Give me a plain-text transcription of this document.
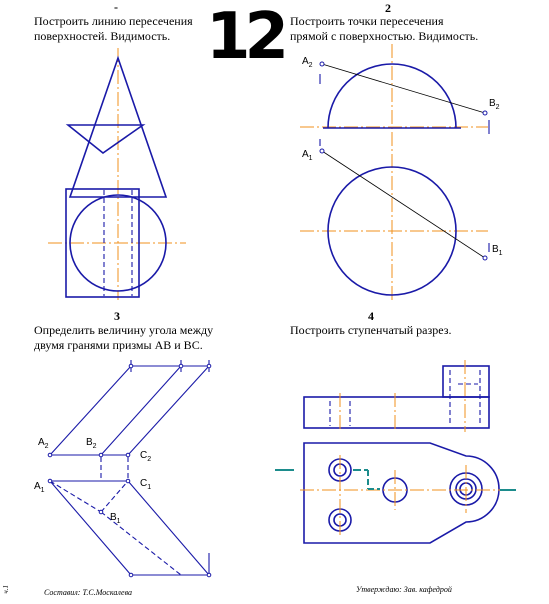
12
-
Построить линию пересечения
поверхностей. Видимость.
2
Построить точки пересечения
прямой с поверхностью. Видимость.
3
Определить величину угола между
двумя гранями призмы АВ и ВС.
4
Построить ступенчатый разрез.
Составил: Т.С.Москалева	Утверждаю: Зав. кафедрой
ч.1
$A_2$
$B_2$
$A_1$
$B_1$
$A_2$	$B_2$
$C_2$
$A_1$
$C_1$
$B_1$
